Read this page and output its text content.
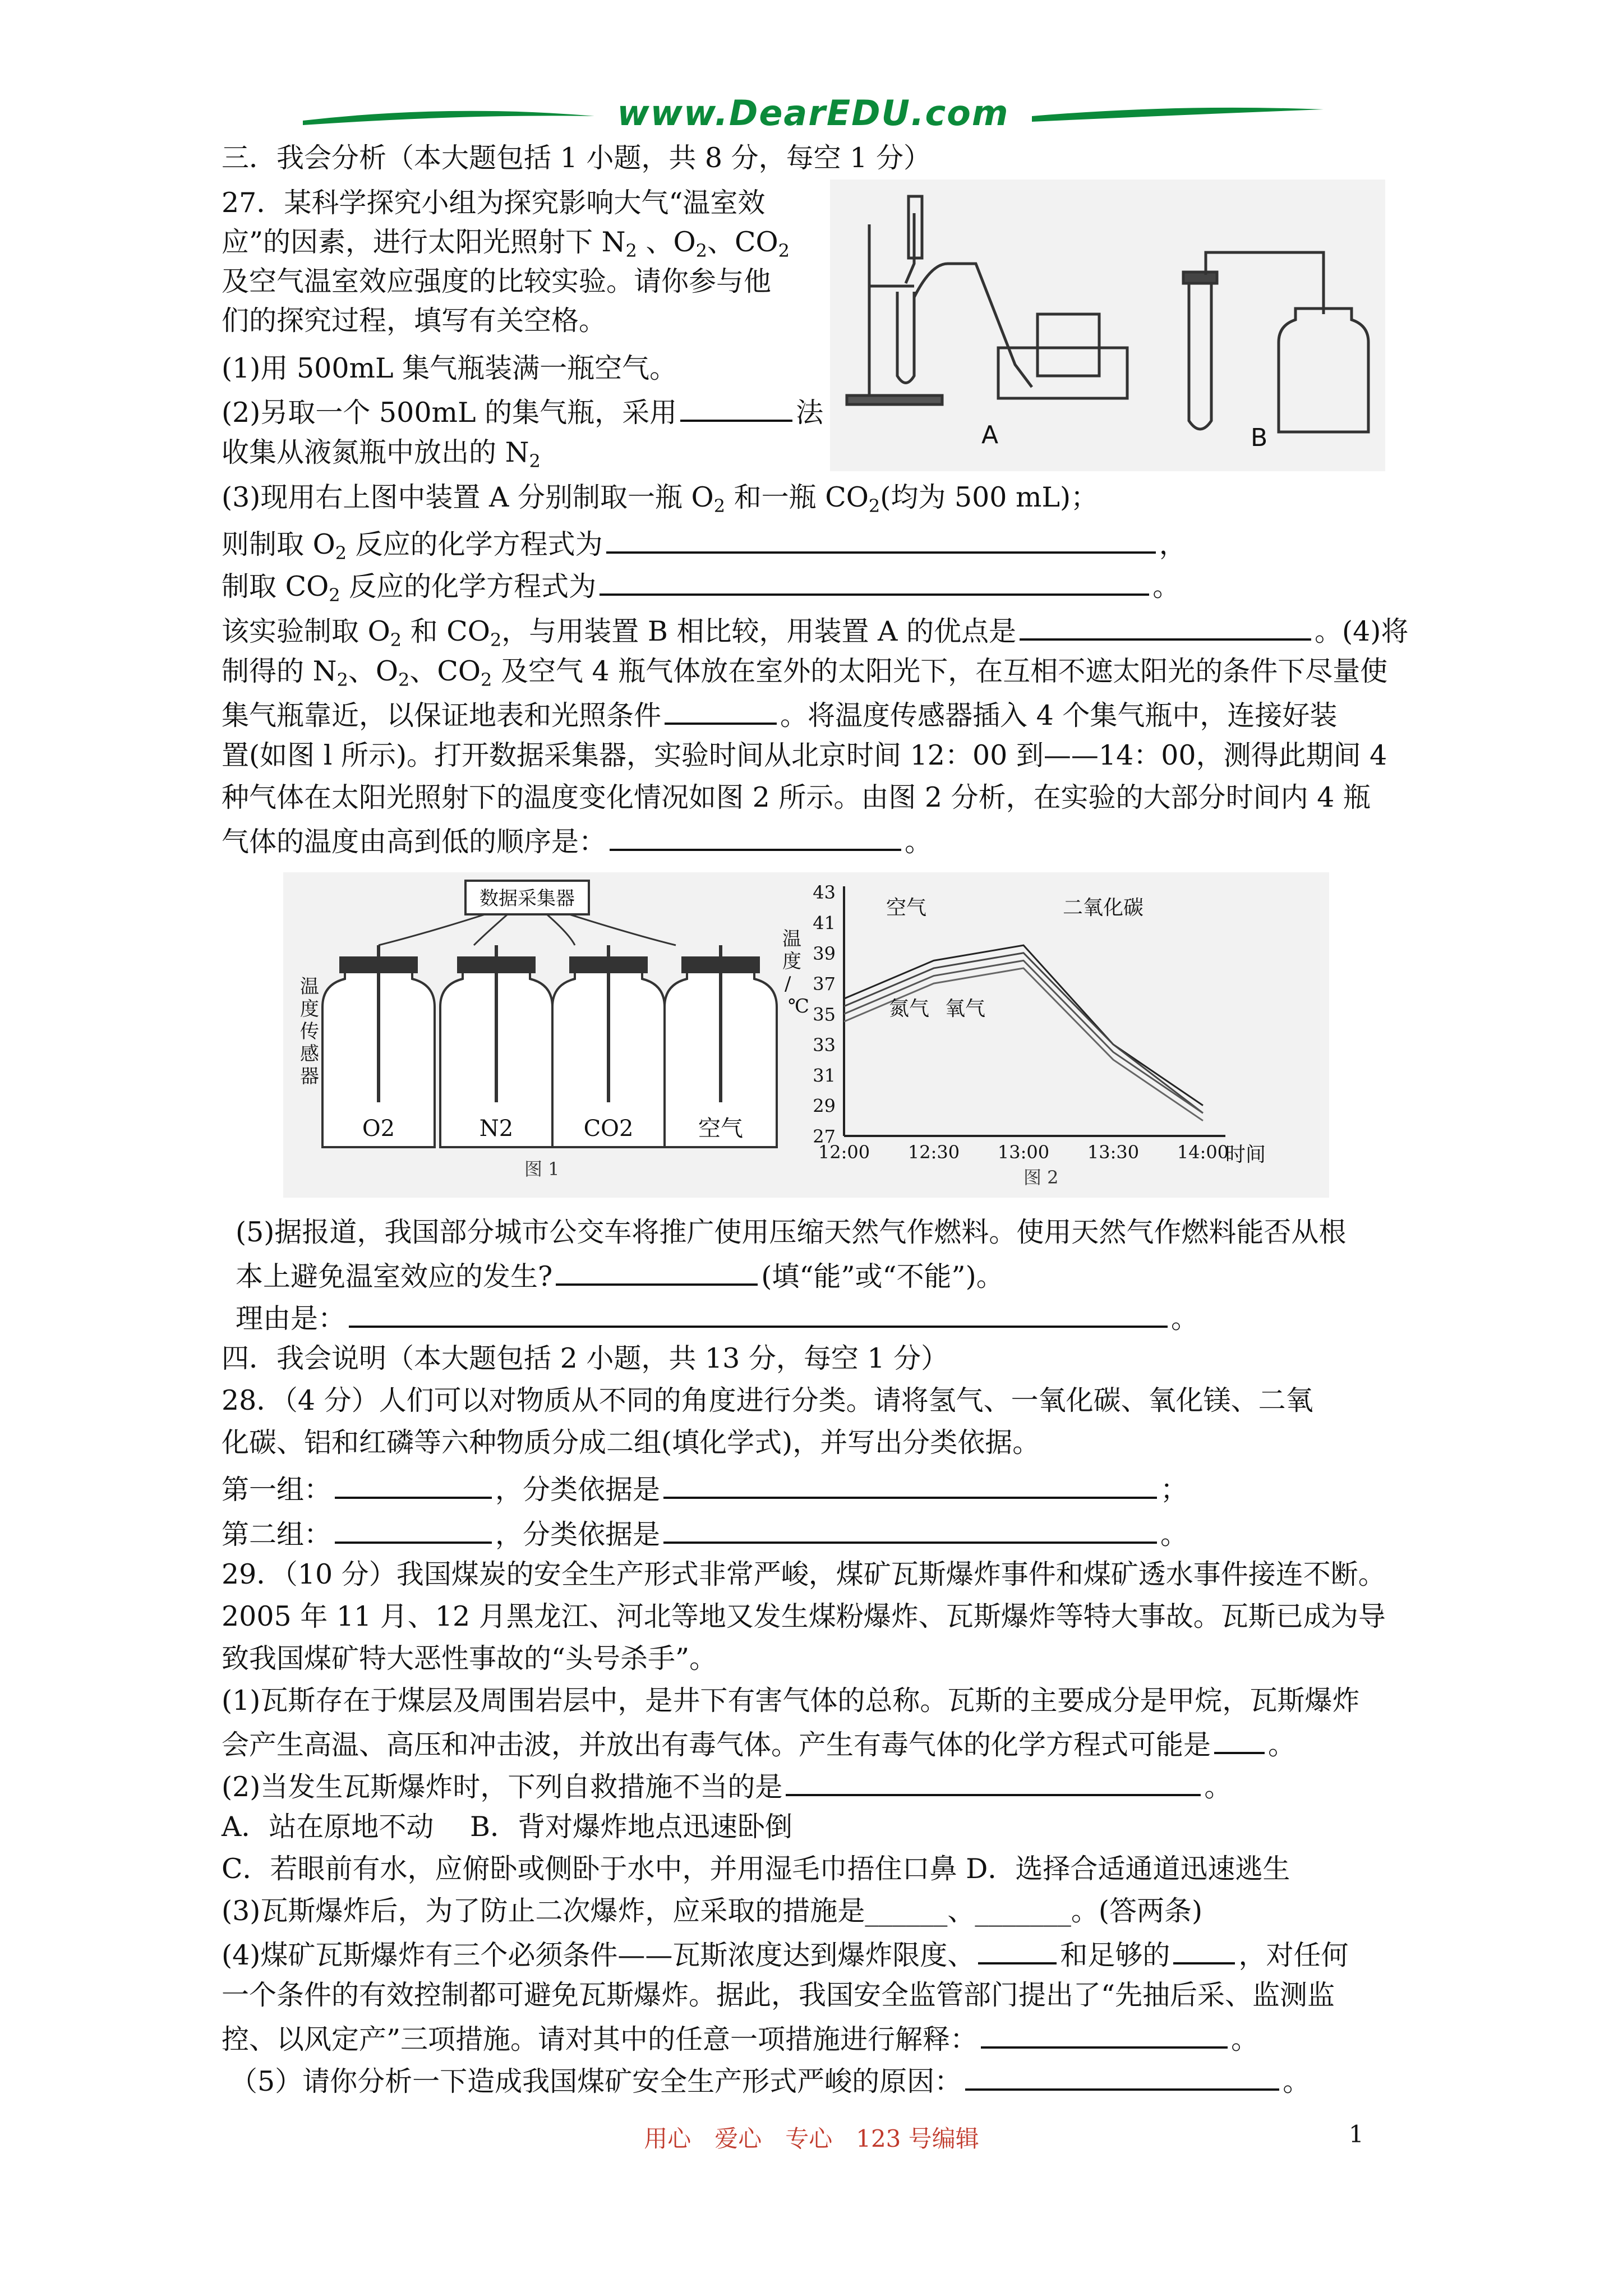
www.DearEDU.com
三．我会分析（本大题包括 1 小题，共 8 分，每空 1 分）
27．某科学探究小组为探究影响大气“温室效
应”的因素，进行太阳光照射下 $N_2$ 、$O_2$、$CO_2$
及空气温室效应强度的比较实验。请你参与他
们的探究过程，填写有关空格。
(1)用 500mL 集气瓶装满一瓶空气。
(2)另取一个 500mL 的集气瓶，采用	法
收集从液氮瓶中放出的 $N_2$
(3)现用右上图中装置 A 分别制取一瓶 $O_2$ 和一瓶 $CO_2$(均为 500 mL)；
则制取 $O_2$ 反应的化学方程式为	，
制取 $CO_2$ 反应的化学方程式为	。
该实验制取 $O_2$ 和 $CO_2$，与用装置 B 相比较，用装置 A 的优点是	。(4)将
制得的 $N_2$、$O_2$、$CO_2$ 及空气 4 瓶气体放在室外的太阳光下，在互相不遮太阳光的条件下尽量使
集气瓶靠近，以保证地表和光照条件	。将温度传感器插入 4 个集气瓶中，连接好装
置(如图 l 所示)。打开数据采集器，实验时间从北京时间 12：00 到——14：00，测得此期间 4
种气体在太阳光照射下的温度变化情况如图 2 所示。由图 2 分析，在实验的大部分时间内 4 瓶
气体的温度由高到低的顺序是：	。
A	B
数据采集器
O2	N2	CO2	空气
温
度
传
感
器
图 1
27
29
31
33
35
37
39
41
43
12:00 12:30 13:00 13:30 14:00
温
度
/
℃
空气	二氧化碳
氮气 氧气
时间
图 2
(5)据报道，我国部分城市公交车将推广使用压缩天然气作燃料。使用天然气作燃料能否从根
本上避免温室效应的发生?	(填“能”或“不能”)。
理由是：	。
四．我会说明（本大题包括 2 小题，共 13 分，每空 1 分）
28．（4 分）人们可以对物质从不同的角度进行分类。请将氢气、一氧化碳、氧化镁、二氧
化碳、铝和红磷等六种物质分成二组(填化学式)，并写出分类依据。
第一组：	，分类依据是	；
第二组：	，分类依据是	。
29．（10 分）我国煤炭的安全生产形式非常严峻，煤矿瓦斯爆炸事件和煤矿透水事件接连不断。
2005 年 11 月、12 月黑龙江、河北等地又发生煤粉爆炸、瓦斯爆炸等特大事故。瓦斯已成为导
致我国煤矿特大恶性事故的“头号杀手”。
(1)瓦斯存在于煤层及周围岩层中，是井下有害气体的总称。瓦斯的主要成分是甲烷，瓦斯爆炸
会产生高温、高压和冲击波，并放出有毒气体。产生有毒气体的化学方程式可能是 。
(2)当发生瓦斯爆炸时，下列自救措施不当的是	。
A．站在原地不动　 B．背对爆炸地点迅速卧倒
C．若眼前有水，应俯卧或侧卧于水中，并用湿毛巾捂住口鼻 D．选择合适通道迅速逃生
(3)瓦斯爆炸后，为了防止二次爆炸，应采取的措施是______、_______。(答两条)
(4)煤矿瓦斯爆炸有三个必须条件——瓦斯浓度达到爆炸限度、	和足够的 ，对任何
一个条件的有效控制都可避免瓦斯爆炸。据此，我国安全监管部门提出了“先抽后采、监测监
控、以风定产”三项措施。请对其中的任意一项措施进行解释：	。
（5）请你分析一下造成我国煤矿安全生产形式严峻的原因：	。
用心　爱心　专心　123 号编辑	1
